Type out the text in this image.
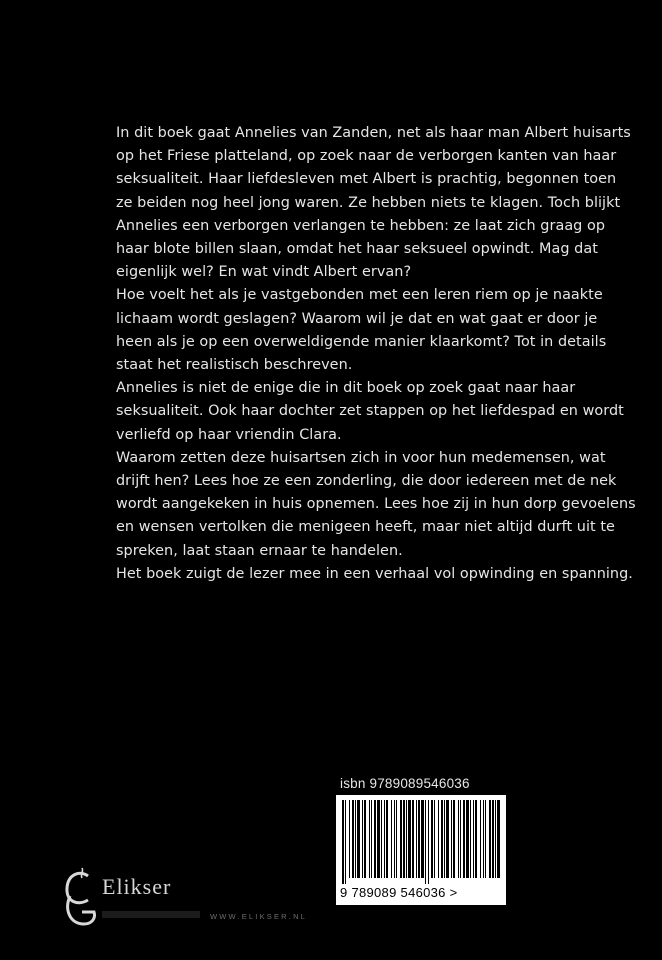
In dit boek gaat Annelies van Zanden, net als haar man Albert huisarts

op het Friese platteland, op zoek naar de verborgen kanten van haar

seksualiteit. Haar liefdesleven met Albert is prachtig, begonnen toen

ze beiden nog heel jong waren. Ze hebben niets te klagen. Toch blijkt

Annelies een verborgen verlangen te hebben: ze laat zich graag op

haar blote billen slaan, omdat het haar seksueel opwindt. Mag dat

eigenlijk wel? En wat vindt Albert ervan?

Hoe voelt het als je vastgebonden met een leren riem op je naakte

lichaam wordt geslagen? Waarom wil je dat en wat gaat er door je

heen als je op een overweldigende manier klaarkomt? Tot in details

staat het realistisch beschreven.

Annelies is niet de enige die in dit boek op zoek gaat naar haar

seksualiteit. Ook haar dochter zet stappen op het liefdespad en wordt

verliefd op haar vriendin Clara.

Waarom zetten deze huisartsen zich in voor hun medemensen, wat

drijft hen? Lees hoe ze een zonderling, die door iedereen met de nek

wordt aangekeken in huis opnemen. Lees hoe zij in hun dorp gevoelens

en wensen vertolken die menigeen heeft, maar niet altijd durft uit te

spreken, laat staan ernaar te handelen.

Het boek zuigt de lezer mee in een verhaal vol opwinding en spanning.

isbn 9789089546036
9 789089 546036 >
Elikser
WWW.ELIKSER.NL
